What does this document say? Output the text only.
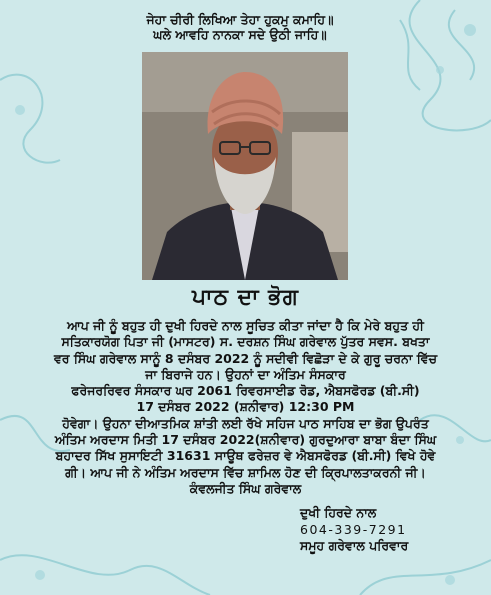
ਜੇਹਾ ਚੀਰੀ ਲਿਖਿਆ ਤੇਹਾ ਹੁਕਮੁ ਕਮਾਹਿ॥
ਘਲੇ ਆਵਹਿ ਨਾਨਕਾ ਸਦੇ ਉਠੀ ਜਾਹਿ॥
ਪਾਠ ਦਾ ਭੋਗ
ਆਪ ਜੀ ਨੂੰ ਬਹੁਤ ਹੀ ਦੁਖੀ ਹਿਰਦੇ ਨਾਲ ਸੂਚਿਤ ਕੀਤਾ ਜਾਂਦਾ ਹੈ ਕਿ ਮੇਰੇ ਬਹੁਤ ਹੀ
ਸਤਿਕਾਰਯੋਗ ਪਿਤਾ ਜੀ (ਮਾਸਟਰ) ਸ. ਦਰਸ਼ਨ ਸਿੰਘ ਗਰੇਵਾਲ ਪੁੱਤਰ ਸਵਸ. ਬਖਤਾ
ਵਰ ਸਿੰਘ ਗਰੇਵਾਲ ਸਾਨੂੰ 8 ਦਸੰਬਰ 2022 ਨੂੰ ਸਦੀਵੀ ਵਿਛੋੜਾ ਦੇ ਕੇ ਗੁਰੂ ਚਰਨਾ ਵਿੱਚ
ਜਾ ਬਿਰਾਜੇ ਹਨ। ਉਹਨਾਂ ਦਾ ਅੰਤਿਮ ਸੰਸਕਾਰ
ਫਰੇਜਰਰਿਵਰ ਸੰਸਕਾਰ ਘਰ 2061 ਰਿਵਰਸਾਈਡ ਰੋਡ, ਐਬਸਫੋਰਡ (ਬੀ.ਸੀ)
17 ਦਸੰਬਰ 2022 (ਸ਼ਨੀਵਾਰ) 12:30 PM
ਹੋਵੇਗਾ। ਉਹਨਾ ਦੀਆਤਮਿਕ ਸ਼ਾਂਤੀ ਲਈ ਰੱਖੇ ਸਹਿਜ ਪਾਠ ਸਾਹਿਬ ਦਾ ਭੋਗ ਉਪਰੰਤ
ਅੰਤਿਮ ਅਰਦਾਸ ਮਿਤੀ 17 ਦਸੰਬਰ 2022(ਸ਼ਨੀਵਾਰ) ਗੁਰਦੁਆਰਾ ਬਾਬਾ ਬੰਦਾ ਸਿੰਘ
ਬਹਾਦਰ ਸਿੱਖ ਸੁਸਾਇਟੀ 31631 ਸਾਊਥ ਫਰੇਜ਼ਰ ਵੇ ਐਬਸਫੋਰਡ (ਬੀ.ਸੀ) ਵਿਖੇ ਹੋਵੇ
ਗੀ। ਆਪ ਜੀ ਨੇ ਅੰਤਿਮ ਅਰਦਾਸ ਵਿੱਚ ਸ਼ਾਮਿਲ ਹੋਣ ਦੀ ਕ੍ਰਿਪਾਲਤਾਕਰਨੀ ਜੀ।
ਕੰਵਲਜੀਤ ਸਿੰਘ ਗਰੇਵਾਲ
ਦੁਖੀ ਹਿਰਦੇ ਨਾਲ
604-339-7291
ਸਮੂਹ ਗਰੇਵਾਲ ਪਰਿਵਾਰ
